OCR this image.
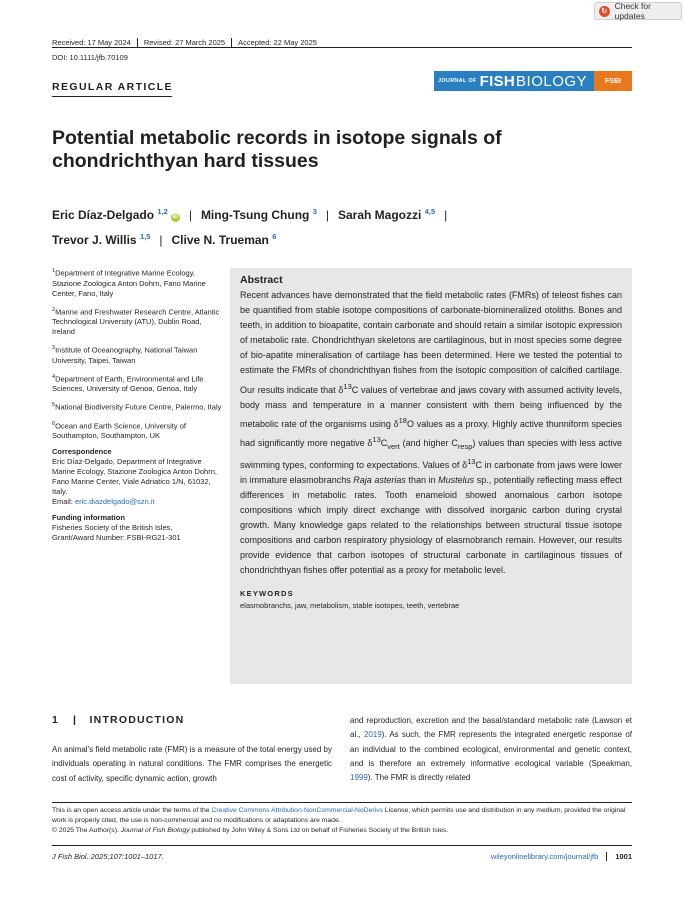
↻
Check for updates
Received: 17 May 2024	Revised: 27 March 2025	Accepted: 22 May 2025
DOI: 10.1111/jfb.70109
REGULAR ARTICLE	JOURNAL OF FISH BIOLOGY	FSBI
Potential metabolic records in isotope signals of chondrichthyan hard tissues
Eric Díaz-Delgado $^{1,2}$iD | Ming-Tsung Chung $^3$ | Sarah Magozzi $^{4,5}$ |
Trevor J. Willis $^{1,5}$ | Clive N. Trueman $^6$

$^1$Department of Integrative Marine Ecology, Stazione Zoologica Anton Dohrn, Fano Marine Center, Fano, Italy

$^2$Marine and Freshwater Research Centre, Atlantic Technological University (ATU), Dublin Road, Ireland

$^3$Institute of Oceanography, National Taiwan University, Taipei, Taiwan

$^4$Department of Earth, Environmental and Life Sciences, University of Genoa, Genoa, Italy

$^5$National Biodiversity Future Centre, Palermo, Italy

$^6$Ocean and Earth Science, University of Southampton, Southampton, UK

Correspondence

Eric Díaz-Delgado, Department of Integrative Marine Ecology, Stazione Zoologica Anton Dohrn, Fano Marine Center, Viale Adriatico 1/N, 61032, Italy.
Email: eric.diazdelgado@szn.it

Funding information

Fisheries Society of the British Isles,
Grant/Award Number: FSBI-RG21-301

Abstract

Recent advances have demonstrated that the field metabolic rates (FMRs) of teleost fishes can be quantified from stable isotope compositions of carbonate-biomineralized otoliths. Bones and teeth, in addition to bioapatite, contain carbonate and should retain a similar isotopic expression of metabolic rate. Chondrichthyan skeletons are cartilaginous, but in most species some degree of bio-apatite mineralisation of cartilage has been determined. Here we tested the potential to estimate the FMRs of chondrichthyan fishes from the isotopic composition of calcified cartilage. Our results indicate that $\delta^{13}C$ values of vertebrae and jaws covary with assumed activity levels, body mass and temperature in a manner consistent with them being influenced by the metabolic rate of the organisms using $\delta^{18}O$ values as a proxy. Highly active thunniform species had significantly more negative $\delta^{13}C_{vert}$ (and higher $C_{resp}$) values than species with less active swimming types, conforming to expectations. Values of $\delta^{13}C$ in carbonate from jaws were lower in immature elasmobranchs Raja asterias than in Mustelus sp., potentially reflecting mass effect differences in metabolic rates. Tooth enameloid showed anomalous carbon isotope compositions which imply direct exchange with dissolved inorganic carbon during crystal growth. Many knowledge gaps related to the relationships between structural tissue isotope compositions and carbon respiratory physiology of elasmobranch remain. However, our results provide evidence that carbon isotopes of structural carbonate in cartilaginous tissues of chondrichthyan fishes offer potential as a proxy for metabolic level.

KEYWORDS
elasmobranchs, jaw, metabolism, stable isotopes, teeth, vertebrae
1 | INTRODUCTION

An animal's field metabolic rate (FMR) is a measure of the total energy used by individuals operating in natural conditions. The FMR comprises the energetic cost of activity, specific dynamic action, growth

and reproduction, excretion and the basal/standard metabolic rate (Lawson et al., 2019). As such, the FMR represents the integrated energetic response of an individual to the combined ecological, environmental and genetic context, and is therefore an extremely informative ecological variable (Speakman, 1999). The FMR is directly related

This is an open access article under the terms of the Creative Commons Attribution-NonCommercial-NoDerivs License, which permits use and distribution in any medium, provided the original work is properly cited, the use is non-commercial and no modifications or adaptations are made.
© 2025 The Author(s). Journal of Fish Biology published by John Wiley & Sons Ltd on behalf of Fisheries Society of the British Isles.

J Fish Biol. 2025;107:1001–1017.	wileyonlinelibrary.com/journal/jfb	1001
